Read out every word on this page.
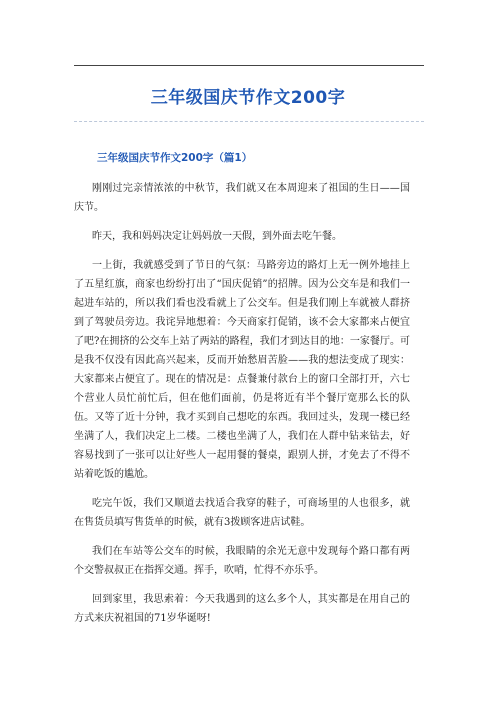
三年级国庆节作文200字
三年级国庆节作文200字（篇1）

刚刚过完亲情浓浓的中秋节，我们就又在本周迎来了祖国的生日——国庆节。

昨天，我和妈妈决定让妈妈放一天假，到外面去吃午餐。

一上街，我就感受到了节日的气氛：马路旁边的路灯上无一例外地挂上了五星红旗，商家也纷纷打出了“国庆促销”的招牌。因为公交车是和我们一起进车站的，所以我们看也没看就上了公交车。但是我们刚上车就被人群挤到了驾驶员旁边。我诧异地想着：今天商家打促销，该不会大家都来占便宜了吧?在拥挤的公交车上站了两站的路程，我们才到达目的地：一家餐厅。可是我不仅没有因此高兴起来，反而开始愁眉苦脸——我的想法变成了现实：大家都来占便宜了。现在的情况是：点餐兼付款台上的窗口全部打开，六七个营业人员忙前忙后，但在他们面前，仍是将近有半个餐厅宽那么长的队伍。又等了近十分钟，我才买到自己想吃的东西。我回过头，发现一楼已经坐满了人，我们决定上二楼。二楼也坐满了人，我们在人群中钻来钻去，好容易找到了一张可以让好些人一起用餐的餐桌，跟别人拼，才免去了不得不站着吃饭的尴尬。

吃完午饭，我们又顺道去找适合我穿的鞋子，可商场里的人也很多，就在售货员填写售货单的时候，就有3拨顾客进店试鞋。

我们在车站等公交车的时候，我眼睛的余光无意中发现每个路口都有两个交警叔叔正在指挥交通。挥手，吹哨，忙得不亦乐乎。

回到家里，我思索着：今天我遇到的这么多个人，其实都是在用自己的方式来庆祝祖国的71岁华诞呀!
